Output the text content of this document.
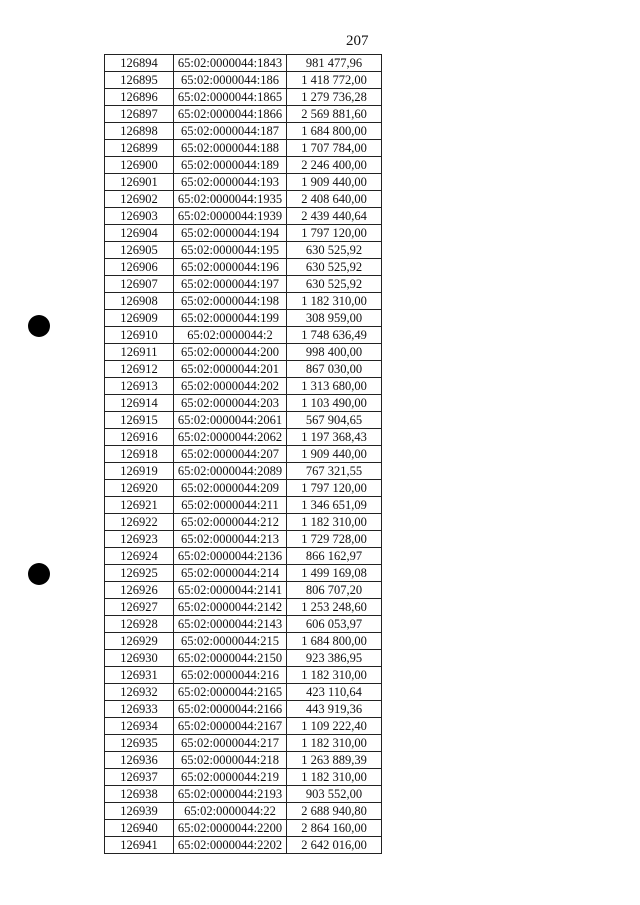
207
126894	65:02:0000044:1843	981 477,96
126895	65:02:0000044:186	1 418 772,00
126896	65:02:0000044:1865	1 279 736,28
126897	65:02:0000044:1866	2 569 881,60
126898	65:02:0000044:187	1 684 800,00
126899	65:02:0000044:188	1 707 784,00
126900	65:02:0000044:189	2 246 400,00
126901	65:02:0000044:193	1 909 440,00
126902	65:02:0000044:1935	2 408 640,00
126903	65:02:0000044:1939	2 439 440,64
126904	65:02:0000044:194	1 797 120,00
126905	65:02:0000044:195	630 525,92
126906	65:02:0000044:196	630 525,92
126907	65:02:0000044:197	630 525,92
126908	65:02:0000044:198	1 182 310,00
126909	65:02:0000044:199	308 959,00
126910	65:02:0000044:2	1 748 636,49
126911	65:02:0000044:200	998 400,00
126912	65:02:0000044:201	867 030,00
126913	65:02:0000044:202	1 313 680,00
126914	65:02:0000044:203	1 103 490,00
126915	65:02:0000044:2061	567 904,65
126916	65:02:0000044:2062	1 197 368,43
126918	65:02:0000044:207	1 909 440,00
126919	65:02:0000044:2089	767 321,55
126920	65:02:0000044:209	1 797 120,00
126921	65:02:0000044:211	1 346 651,09
126922	65:02:0000044:212	1 182 310,00
126923	65:02:0000044:213	1 729 728,00
126924	65:02:0000044:2136	866 162,97
126925	65:02:0000044:214	1 499 169,08
126926	65:02:0000044:2141	806 707,20
126927	65:02:0000044:2142	1 253 248,60
126928	65:02:0000044:2143	606 053,97
126929	65:02:0000044:215	1 684 800,00
126930	65:02:0000044:2150	923 386,95
126931	65:02:0000044:216	1 182 310,00
126932	65:02:0000044:2165	423 110,64
126933	65:02:0000044:2166	443 919,36
126934	65:02:0000044:2167	1 109 222,40
126935	65:02:0000044:217	1 182 310,00
126936	65:02:0000044:218	1 263 889,39
126937	65:02:0000044:219	1 182 310,00
126938	65:02:0000044:2193	903 552,00
126939	65:02:0000044:22	2 688 940,80
126940	65:02:0000044:2200	2 864 160,00
126941	65:02:0000044:2202	2 642 016,00
